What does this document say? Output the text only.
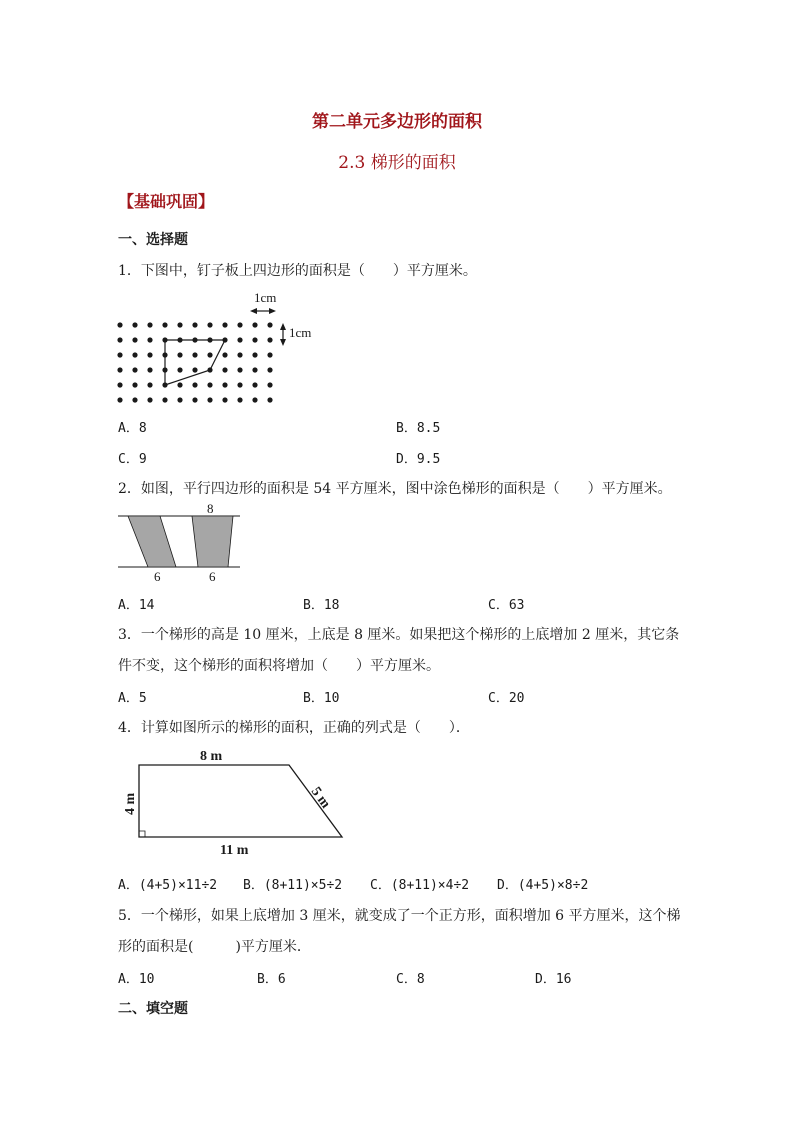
第二单元多边形的面积
2.3 梯形的面积
【基础巩固】
一、选择题
1．下图中，钉子板上四边形的面积是（　　）平方厘米。
1cm
1cm
A．8	B．8.5
C．9	D．9.5
2．如图，平行四边形的面积是 54 平方厘米，图中涂色梯形的面积是（　　）平方厘米。
8
6	6
A．14	B．18	C．63
3．一个梯形的高是 10 厘米，上底是 8 厘米。如果把这个梯形的上底增加 2 厘米，其它条
件不变，这个梯形的面积将增加（　　）平方厘米。
A．5	B．10	C．20
4．计算如图所示的梯形的面积，正确的列式是（　　）．
8 m
4 m	5 m
11 m
A．(4+5)×11÷2 B．(8+11)×5÷2 C．(8+11)×4÷2 D．(4+5)×8÷2
5．一个梯形，如果上底增加 3 厘米，就变成了一个正方形，面积增加 6 平方厘米，这个梯
形的面积是(　　　)平方厘米．
A．10	B．6	C．8	D．16
二、填空题
